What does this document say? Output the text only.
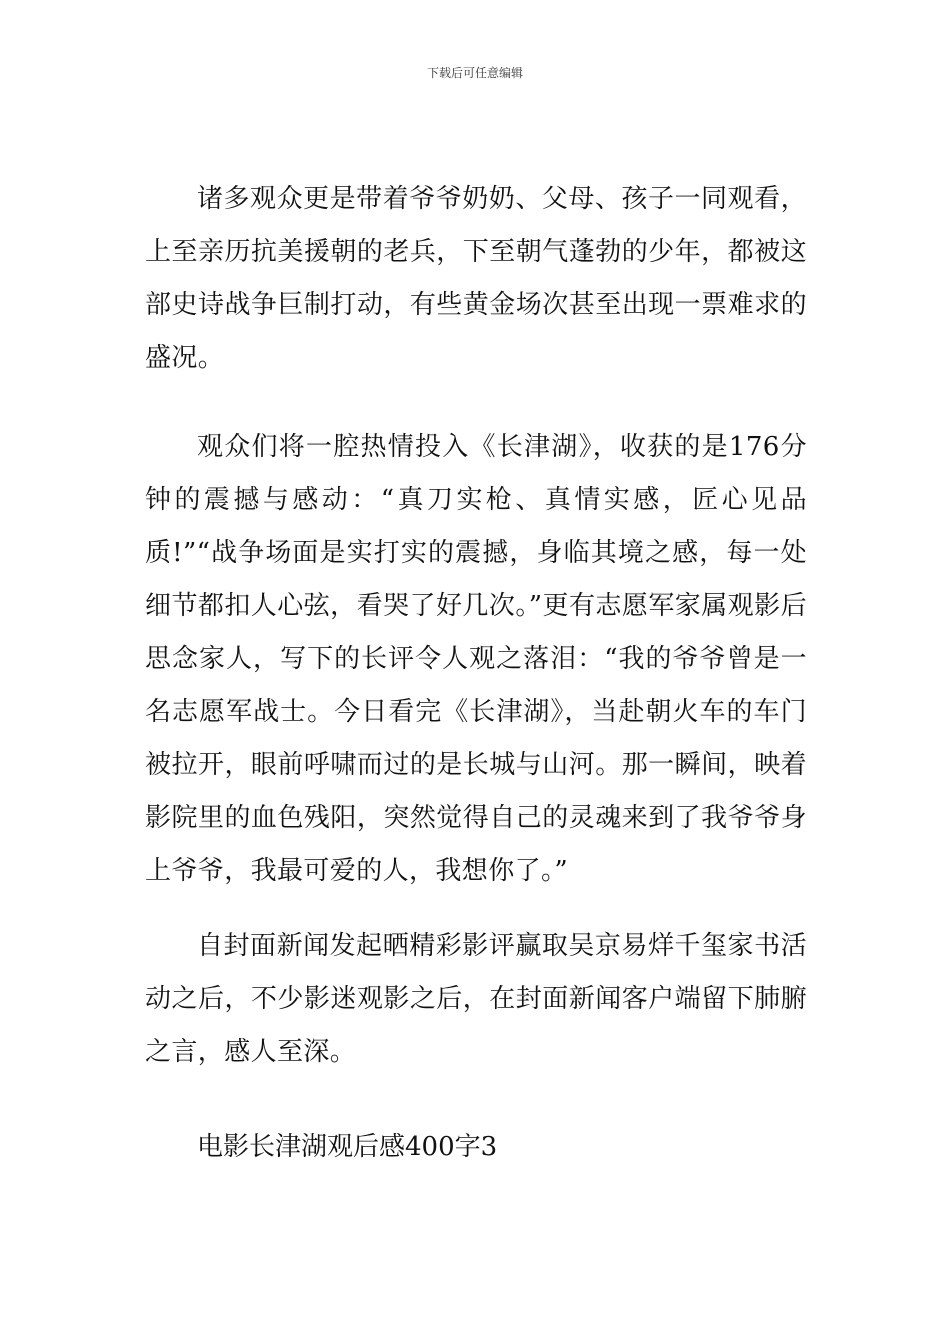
下载后可任意编辑

诸多观众更是带着爷爷奶奶、父母、孩子一同观看，上至亲历抗美援朝的老兵，下至朝气蓬勃的少年，都被这部史诗战争巨制打动，有些黄金场次甚至出现一票难求的盛况。

观众们将一腔热情投入《长津湖》，收获的是176分钟的震撼与感动：“真刀实枪、真情实感，匠心见品质!”“战争场面是实打实的震撼，身临其境之感，每一处细节都扣人心弦，看哭了好几次。”更有志愿军家属观影后思念家人，写下的长评令人观之落泪：“我的爷爷曾是一名志愿军战士。今日看完《长津湖》，当赴朝火车的车门被拉开，眼前呼啸而过的是长城与山河。那一瞬间，映着影院里的血色残阳，突然觉得自己的灵魂来到了我爷爷身上爷爷，我最可爱的人，我想你了。”

自封面新闻发起晒精彩影评赢取吴京易烊千玺家书活动之后，不少影迷观影之后，在封面新闻客户端留下肺腑之言，感人至深。

电影长津湖观后感400字3
